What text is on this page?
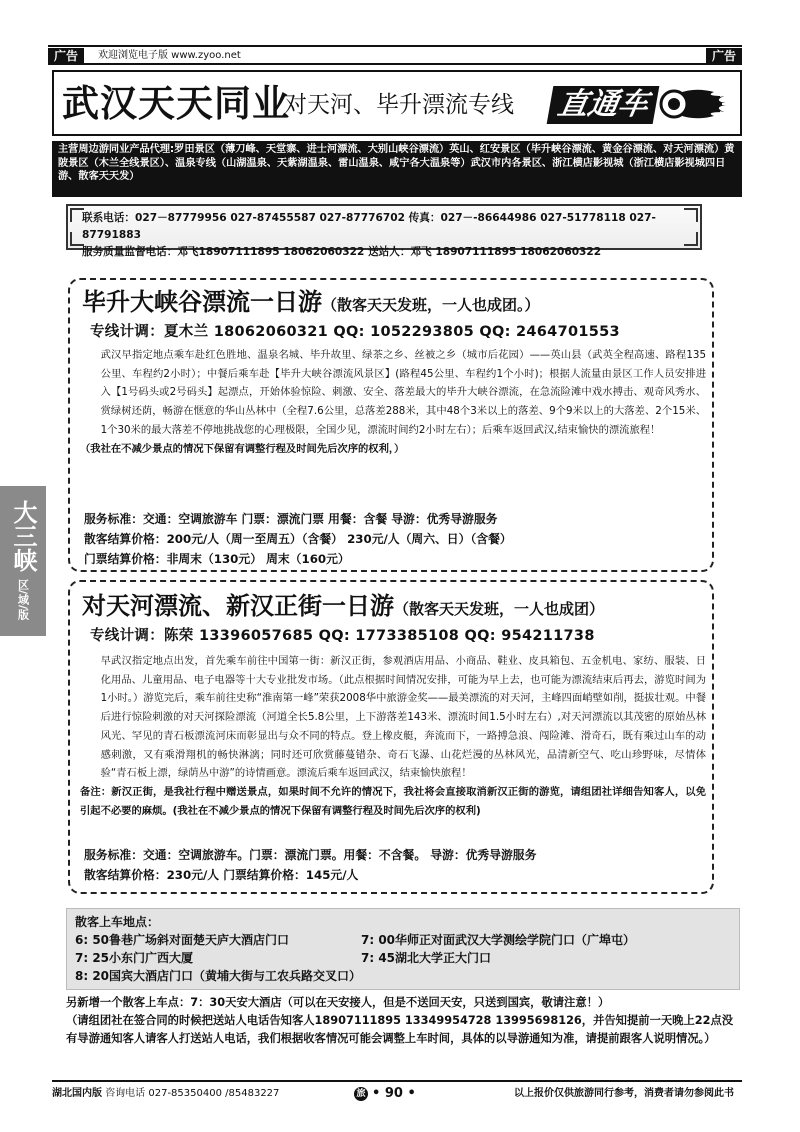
广告	欢迎浏览电子版 www.zyoo.net	广告
武汉天天同业
对天河、毕升漂流专线 直通车
主营周边游同业产品代理:罗田景区（薄刀峰、天堂寨、进士河漂流、大别山峡谷漂流）英山、红安景区（毕升峡谷漂流、黄金谷漂流、对天河漂流）黄陂景区（木兰全线景区）、温泉专线（山湖温泉、天紫湖温泉、雷山温泉、咸宁各大温泉等）武汉市内各景区、浙江横店影视城（浙江横店影视城四日游、散客天天发）
联系电话：027－87779956 027-87455587 027-87776702 传真：027－-86644986 027-51778118 027-87791883
服务质量监督电话：邓飞18907111895 18062060322 送站人：邓飞 18907111895 18062060322
大三峡
区/域/版
毕升大峡谷漂流一日游（散客天天发班，一人也成团。）
专线计调：夏木兰 18062060321 QQ: 1052293805 QQ: 2464701553
武汉早指定地点乘车赴红色胜地、温泉名城、毕升故里、绿茶之乡、丝被之乡（城市后花园）——英山县（武英全程高速、路程135公里、车程约2小时）；中餐后乘车赴【毕升大峡谷漂流风景区】(路程45公里、车程约1个小时)；根据人流量由景区工作人员安排进入【1号码头或2号码头】起漂点，开始体验惊险、刺激、安全、落差最大的毕升大峡谷漂流，在急流险滩中戏水搏击、观奇风秀水、赏绿树还荫，畅游在惬意的华山丛林中（全程7.6公里，总落差288米，其中48个3米以上的落差、9个9米以上的大落差、2个15米、1个30米的最大落差不停地挑战您的心理极限，全国少见，漂流时间约2小时左右）；后乘车返回武汉,结束愉快的漂流旅程！
（我社在不减少景点的情况下保留有调整行程及时间先后次序的权利，）
服务标准：交通：空调旅游车 门票：漂流门票 用餐：含餐 导游：优秀导游服务
散客结算价格：200元/人（周一至周五）（含餐） 230元/人（周六、日）（含餐）
门票结算价格：非周末（130元） 周末（160元）
对天河漂流、新汉正街一日游（散客天天发班，一人也成团）
专线计调：陈荣 13396057685 QQ: 1773385108 QQ: 954211738
早武汉指定地点出发，首先乘车前往中国第一街：新汉正街，参观酒店用品、小商品、鞋业、皮具箱包、五金机电、家纺、服装、日化用品、儿童用品、电子电器等十大专业批发市场。（此点根据时间情况安排，可能为早上去，也可能为漂流结束后再去，游览时间为1小时。）游览完后，乘车前往史称“淮南第一峰”荣获2008华中旅游金奖——最美漂流的对天河，主峰四面峭壁如削，挺拔壮观。中餐后进行惊险刺激的对天河探险漂流（河道全长5.8公里，上下游落差143米、漂流时间1.5小时左右）,对天河漂流以其茂密的原始丛林风光、罕见的青石板漂流河床而彰显出与众不同的特点。登上橡皮艇，奔流而下，一路搏急浪、闯险滩、滑奇石，既有乘过山车的动感刺激，又有乘滑翔机的畅快淋漓；同时还可欣赏藤蔓错杂、奇石飞瀑、山花烂漫的丛林风光，品清新空气、吃山珍野味，尽情体验“青石板上漂，绿荫丛中游”的诗情画意。漂流后乘车返回武汉，结束愉快旅程！
备注：新汉正街，是我社行程中赠送景点，如果时间不允许的情况下，我社将会直接取消新汉正街的游览，请组团社详细告知客人，以免引起不必要的麻烦。(我社在不减少景点的情况下保留有调整行程及时间先后次序的权利)
服务标准：交通：空调旅游车。门票：漂流门票。用餐：不含餐。 导游：优秀导游服务
散客结算价格：230元/人 门票结算价格：145元/人
散客上车地点：
6: 50鲁巷广场斜对面楚天庐大酒店门口	7: 00华师正对面武汉大学测绘学院门口（广埠屯）
7: 25小东门广西大厦	7: 45湖北大学正大门口
8: 20国宾大酒店门口（黄埔大街与工农兵路交叉口）
另新增一个散客上车点：7：30天安大酒店（可以在天安接人，但是不送回天安，只送到国宾，敬请注意！）
（请组团社在签合同的时候把送站人电话告知客人18907111895 13349954728 13995698126，并告知提前一天晚上22点没有导游通知客人请客人打送站人电话，我们根据收客情况可能会调整上车时间，具体的以导游通知为准，请提前跟客人说明情况。）
湖北国内版 咨询电话 027-85350400 /85483227	旅 • 90 •	以上报价仅供旅游同行参考，消费者请勿参阅此书
